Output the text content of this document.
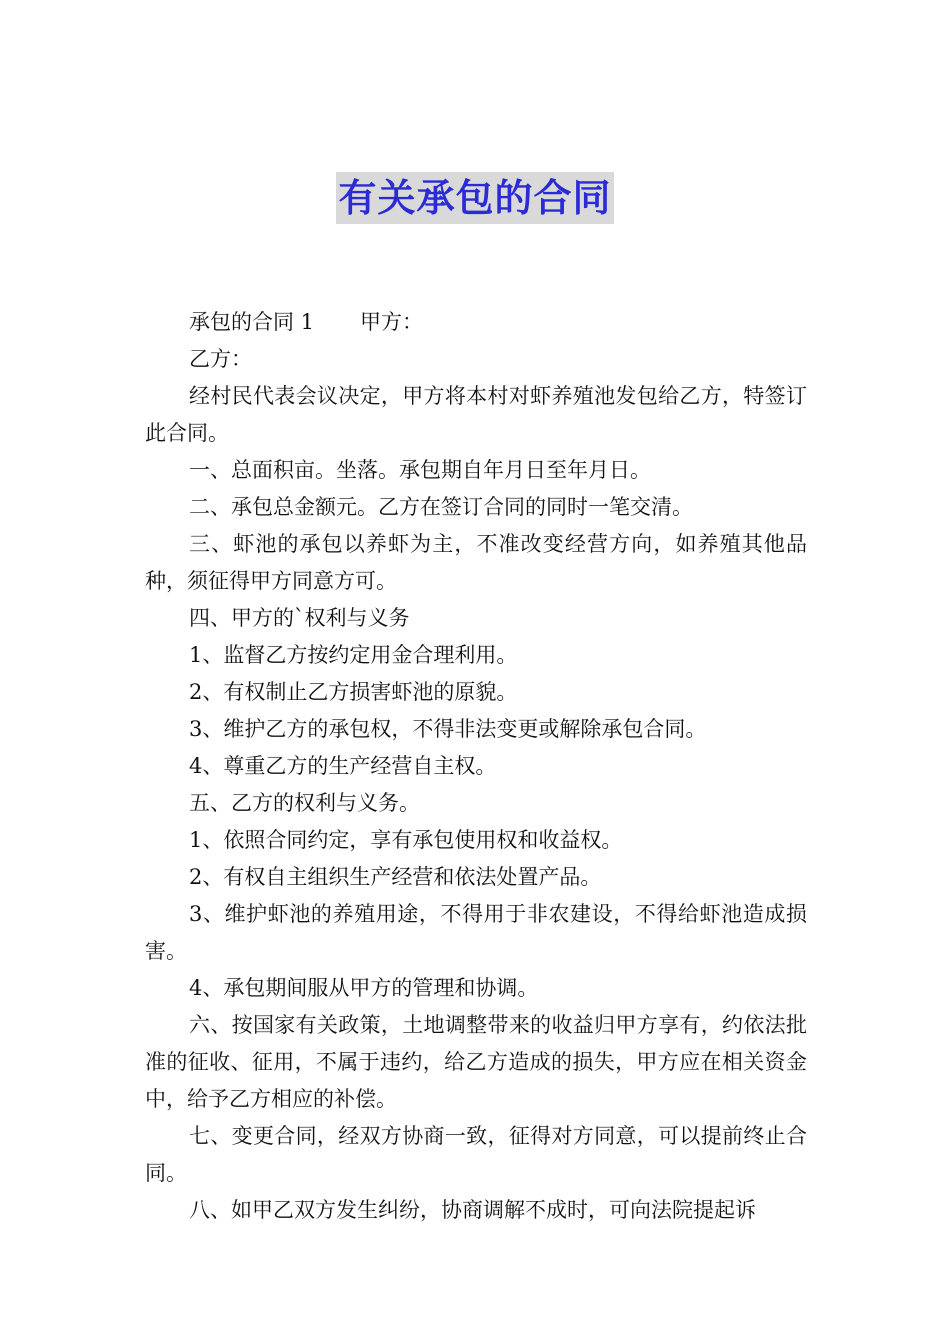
有关承包的合同

承包的合同 1 甲方：

乙方：

经村民代表会议决定，甲方将本村对虾养殖池发包给乙方，特签订此合同。

一、总面积亩。坐落。承包期自年月日至年月日。

二、承包总金额元。乙方在签订合同的同时一笔交清。

三、虾池的承包以养虾为主，不准改变经营方向，如养殖其他品种，须征得甲方同意方可。

四、甲方的`权利与义务

1、监督乙方按约定用金合理利用。

2、有权制止乙方损害虾池的原貌。

3、维护乙方的承包权，不得非法变更或解除承包合同。

4、尊重乙方的生产经营自主权。

五、乙方的权利与义务。

1、依照合同约定，享有承包使用权和收益权。

2、有权自主组织生产经营和依法处置产品。

3、维护虾池的养殖用途，不得用于非农建设，不得给虾池造成损害。

4、承包期间服从甲方的管理和协调。

六、按国家有关政策，土地调整带来的收益归甲方享有，约依法批准的征收、征用，不属于违约，给乙方造成的损失，甲方应在相关资金中，给予乙方相应的补偿。

七、变更合同，经双方协商一致，征得对方同意，可以提前终止合同。

八、如甲乙双方发生纠纷，协商调解不成时，可向法院提起诉
